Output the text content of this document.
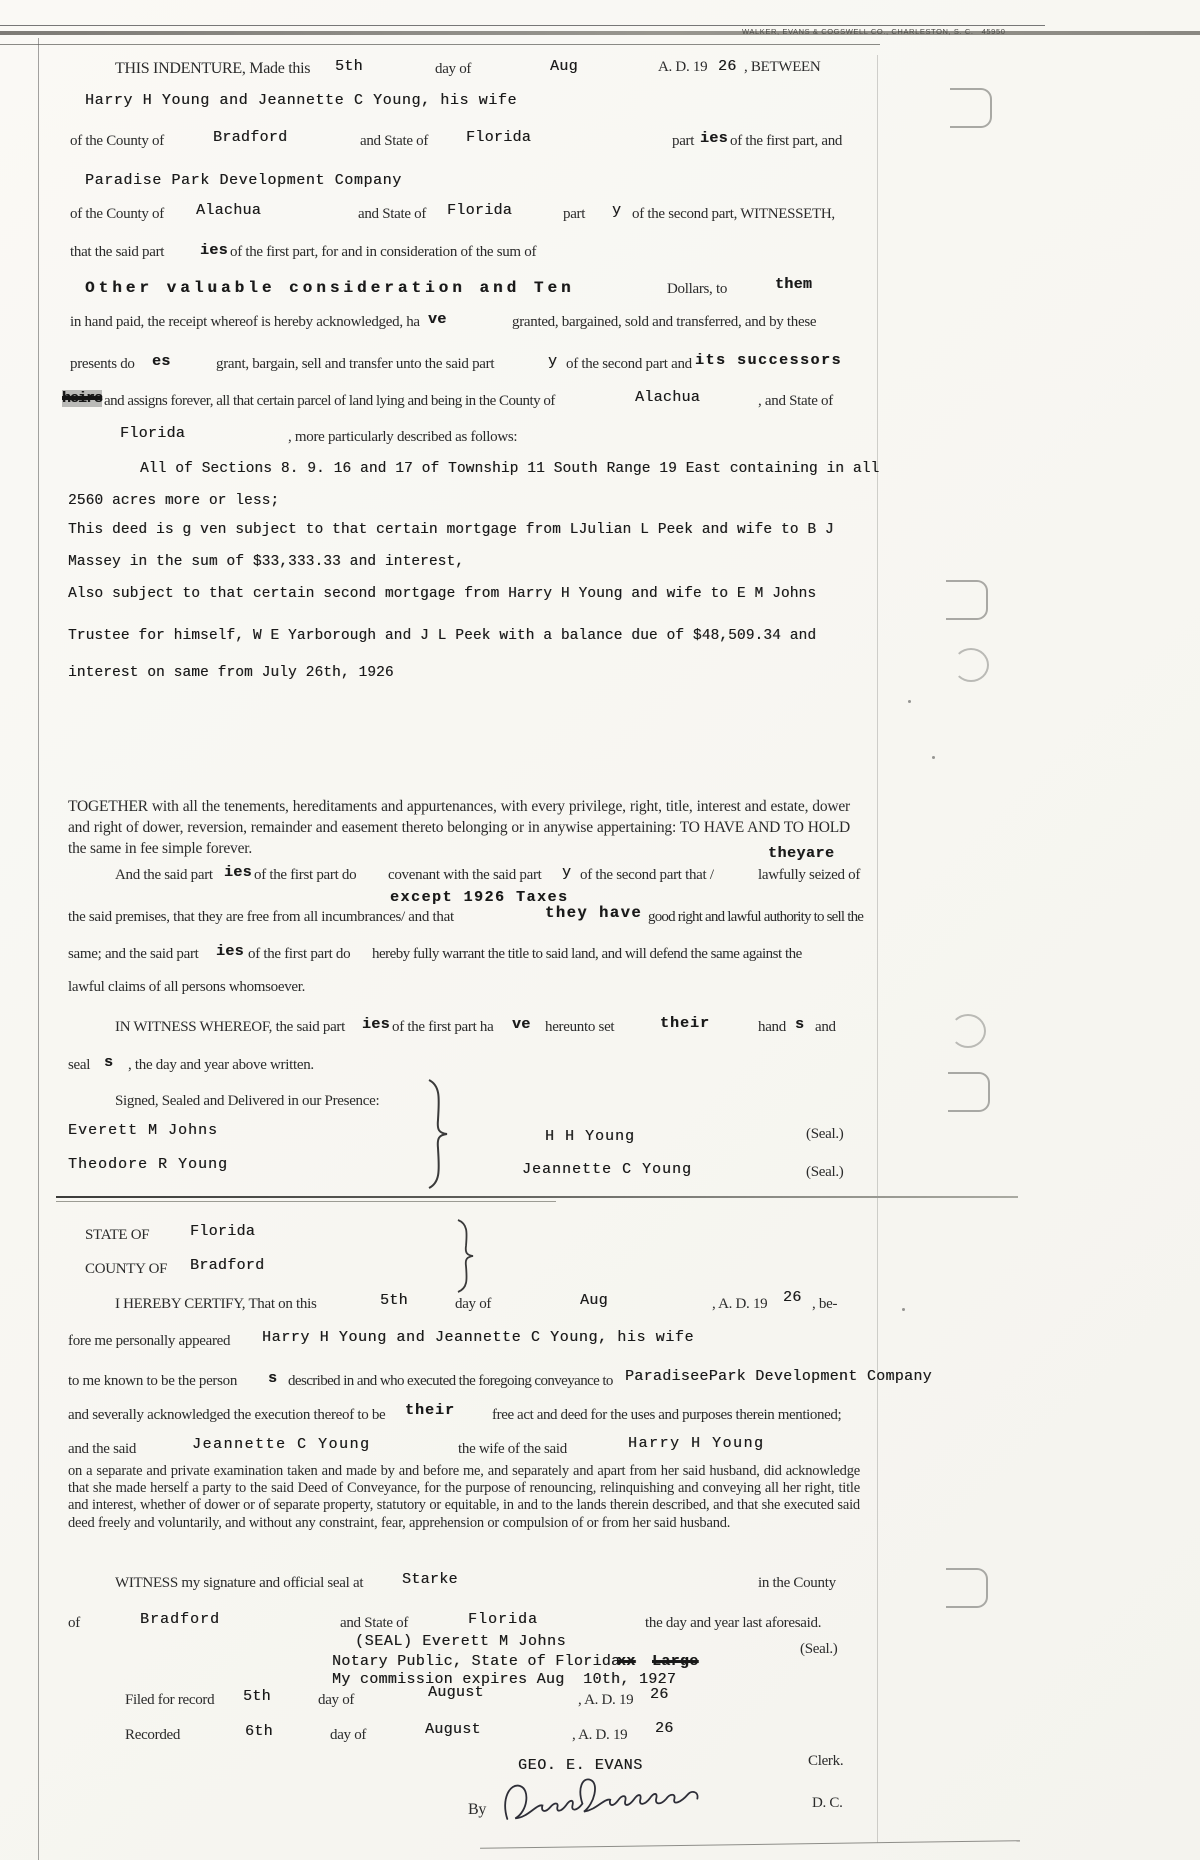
WALKER, EVANS & COGSWELL CO., CHARLESTON, S. C.   45950
THIS INDENTURE, Made this 5th	day of	Aug	A. D. 19 26 , BETWEEN
Harry H Young and Jeannette C Young, his wife
of the County of	Bradford	and State of	Florida	part ies of the first part, and
Paradise Park Development Company
of the County of Alachua	and State of Florida	part y of the second part, WITNESSETH,
that the said part ies of the first part, for and in consideration of the sum of
Other valuable consideration and Ten	Dollars, to	them
in hand paid, the receipt whereof is hereby acknowledged, ha ve	granted, bargained, sold and transferred, and by these
presents do es	grant, bargain, sell and transfer unto the said part	y of the second part and its successors
heirs and assigns forever, all that certain parcel of land lying and being in the County of	Alachua	, and State of
Florida	, more particularly described as follows:
All of Sections 8. 9. 16 and 17 of Township 11 South Range 19 East containing in all
2560 acres more or less;
This deed is g ven subject to that certain mortgage from LJulian L Peek and wife to B J
Massey in the sum of $33,333.33 and interest,
Also subject to that certain second mortgage from Harry H Young and wife to E M Johns
Trustee for himself, W E Yarborough and J L Peek with a balance due of $48,509.34 and
interest on same from July 26th, 1926
TOGETHER with all the tenements, hereditaments and appurtenances, with every privilege, right, title, interest and estate, dower and right of dower, reversion, remainder and easement thereto belonging or in anywise appertaining: TO HAVE AND TO HOLD the same in fee simple forever.	theyare
And the said part ies of the first part do covenant with the said part y of the second part that /	lawfully seized of
except 1926 Taxes
the said premises, that they are free from all incumbrances/ and that	they have good right and lawful authority to sell the
same; and the said part ies of the first part do hereby fully warrant the title to said land, and will defend the same against the
lawful claims of all persons whomsoever.
IN WITNESS WHEREOF, the said part ies of the first part ha ve hereunto set	their	hand s and
seal s , the day and year above written.
Signed, Sealed and Delivered in our Presence:
Everett M Johns	H H Young	(Seal.)
Theodore R Young	Jeannette C Young	(Seal.)
STATE OF	Florida
COUNTY OF Bradford
I HEREBY CERTIFY, That on this	5th	day of	Aug	, A. D. 19 26 , be-
fore me personally appeared Harry H Young and Jeannette C Young, his wife
to me known to be the person s described in and who executed the foregoing conveyance to ParadiseePark Development Company
and severally acknowledged the execution thereof to be their free act and deed for the uses and purposes therein mentioned;
and the said	Jeannette C Young	the wife of the said	Harry H Young
on a separate and private examination taken and made by and before me, and separately and apart from her said husband, did acknowledge that she made herself a party to the said Deed of Conveyance, for the purpose of renouncing, relinquishing and conveying all her right, title and interest, whether of dower or of separate property, statutory or equitable, in and to the lands therein described, and that she executed said deed freely and voluntarily, and without any constraint, fear, apprehension or compulsion of or from her said husband.
WITNESS my signature and official seal at	Starke	in the County
of	Bradford	and State of	Florida	the day and year last aforesaid.
(SEAL) Everett M Johns	(Seal.)
Notary Public, State of Florida
xx Large
My commission expires Aug  10th, 1927
Filed for record 5th	day of	August	, A. D. 19 26
Recorded	6th	day of	August	, A. D. 19 26
GEO. E. EVANS	Clerk.
By	D. C.
